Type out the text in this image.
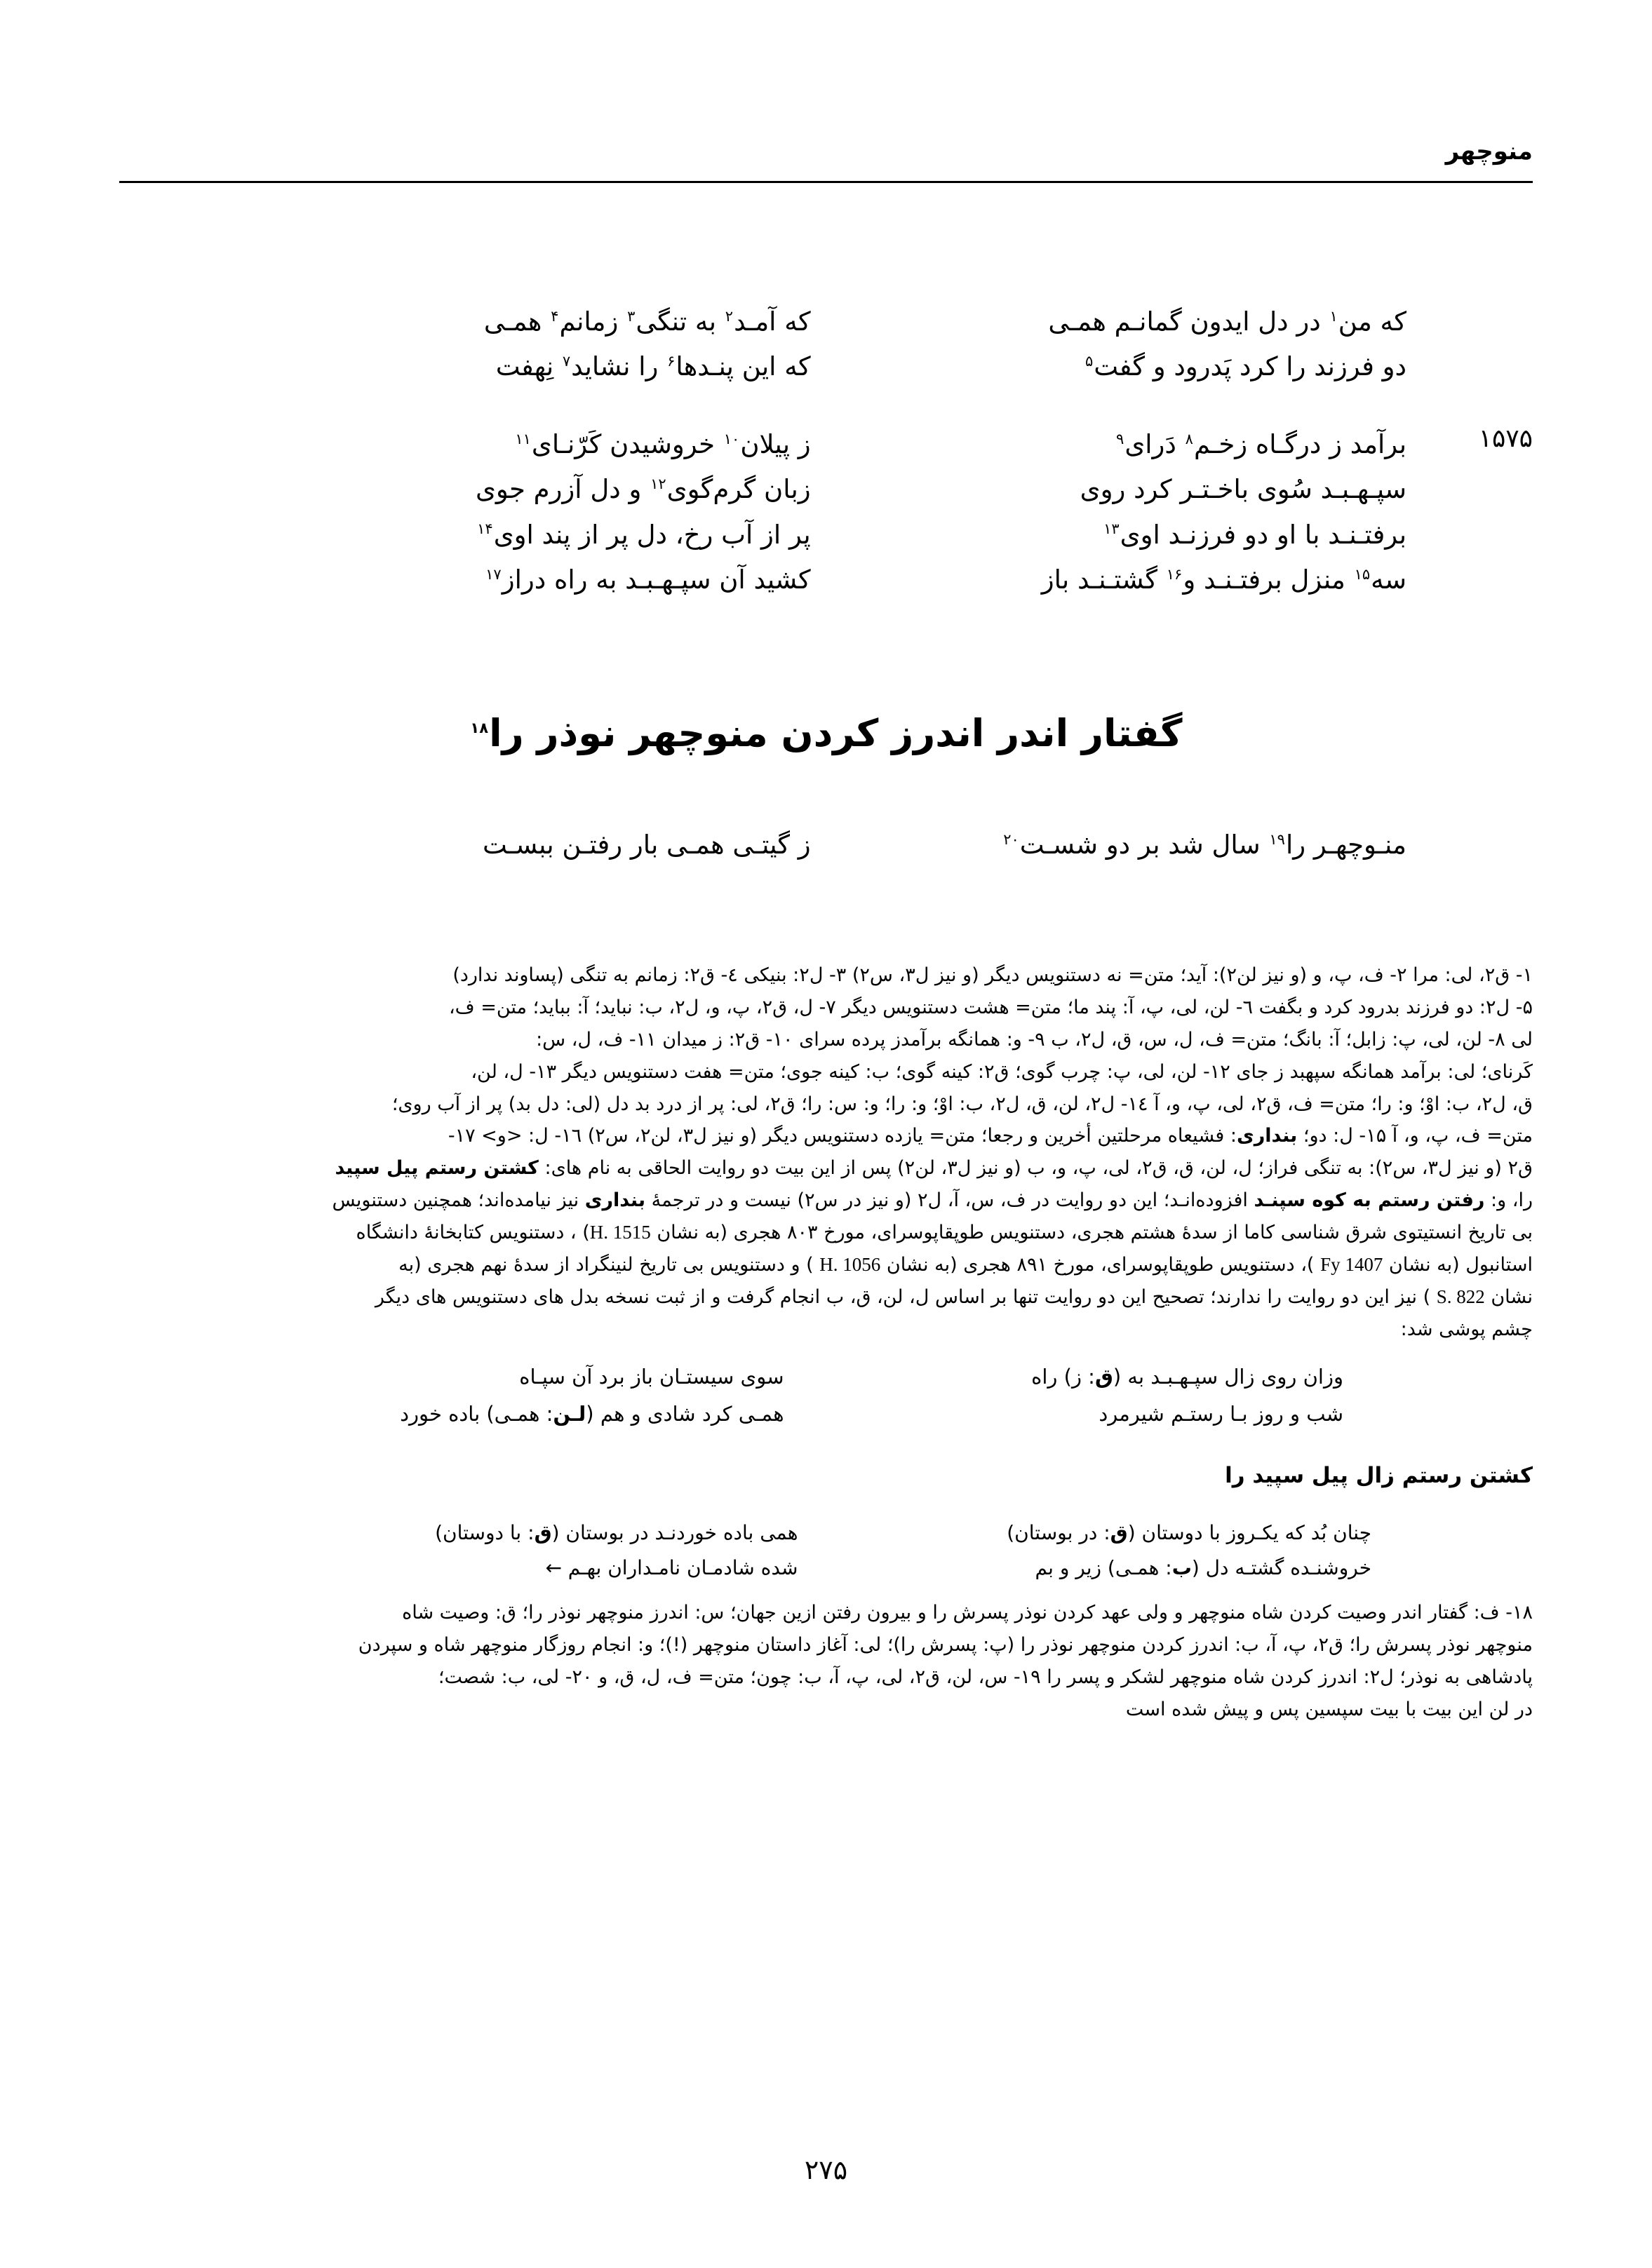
منوچهر
که من$^۱$ در دل ایدون گمانـم همـی
که آمـد$^۲$ به تنگی$^۳$ زمانم$^۴$ همـی
دو فرزند را کرد پَدرود و گفت$^۵$
که این پنـدها$^۶$ را نشاید$^۷$ نِهفت
۱۵۷۵
برآمد ز درگـاه زخـم$^۸$ دَرای$^۹$
ز پیلان$^{۱۰}$ خروشیدن کَرّنـای$^{۱۱}$
سپـهـبـد سُوی باخـتـر کرد روی
زبان گرم‌گوی$^{۱۲}$ و دل آزرم جوی
برفتـنـد با او دو فرزنـد اوی$^{۱۳}$
پر از آب رخ، دل پر از پند اوی$^{۱۴}$
سه$^{۱۵}$ منزل برفتـنـد و$^{۱۶}$ گشتـنـد باز
کشید آن سپـهـبـد به راه دراز$^{۱۷}$
گفتار اندر اندرز کردن منوچهر نوذر را$^{۱۸}$
منـوچهـر را$^{۱۹}$ سال شد بر دو شسـت$^{۲۰}$
ز گیتـی همـی بار رفتـن ببسـت

۱- ق۲، لی: مرا ۲- ف، پ، و (و نیز لن۲): آید؛ متن= نه دستنویس دیگر (و نیز ل۳، س۲) ۳- ل۲: بنیکی ٤- ق۲: زمانم به تنگی (پساوند ندارد)

۵- ل۲: دو فرزند بدرود کرد و بگفت ٦- لن، لی، پ، آ: پند ما؛ متن= هشت دستنویس دیگر ۷- ل، ق۲، پ، و، ل۲، ب: نباید؛ آ: بباید؛ متن= ف،

لی ۸- لن، لی، پ: زابل؛ آ: بانگ؛ متن= ف، ل، س، ق، ل۲، ب ۹- و: همانگه برآمدز پرده سرای ۱۰- ق۲: ز میدان ۱۱- ف، ل، س:

کَرنای؛ لی: برآمد همانگه سپهبد ز جای ۱۲- لن، لی، پ: چرب گوی؛ ق۲: کینه گوی؛ ب: کینه جوی؛ متن= هفت دستنویس دیگر ۱۳- ل، لن،

ق، ل۲، ب: اوْ؛ و: را؛ متن= ف، ق۲، لی، پ، و، آ ۱٤- ل۲، لن، ق، ل۲، ب: اوْ؛ و: را؛ و: س: را؛ ق۲، لی: پر از درد بد دل (لی: دل بد) پر از آب روی؛

متن= ف، پ، و، آ ۱۵- ل: دو؛ بنداری: فشیعاه مرحلتین أخرین و رجعا؛ متن= یازده دستنویس دیگر (و نیز ل۳، لن۲، س۲) ۱٦- ل: <و> ۱۷-

ق۲ (و نیز ل۳، س۲): به تنگی فراز؛ ل، لن، ق، ق۲، لی، پ، و، ب (و نیز ل۳، لن۲) پس از این بیت دو روایت الحاقی به نام های: کشتن رستم پیل سپید

را، و: رفتن رستم به کوه سپنـد افزوده‌انـد؛ این دو روایت در ف، س، آ، ل۲ (و نیز در س۲) نیست و در ترجمهٔ بنداری نیز نیامده‌اند؛ همچنین دستنویس

بی تاریخ انستیتوی شرق شناسی کاما از سدهٔ هشتم هجری، دستنویس طوپقاپوسرای، مورخ ۸۰۳ هجری (به نشان H. 1515) ، دستنویس کتابخانهٔ دانشگاه

استانبول (به نشان Fy 1407 )، دستنویس طوپقاپوسرای، مورخ ۸۹۱ هجری (به نشان H. 1056 ) و دستنویس بی تاریخ لنینگراد از سدهٔ نهم هجری (به

نشان S. 822 ) نیز این دو روایت را ندارند؛ تصحیح این دو روایت تنها بر اساس ل، لن، ق، ب انجام گرفت و از ثبت نسخه بدل های دستنویس های دیگر

چشم پوشی شد:

وزان روی زال سپـهـبـد به (ق: ز) راه
سوی سیستـان باز برد آن سپـاه
شب و روز بـا رستـم شیرمرد
همـی کرد شادی و هم (لـن: همـی) باده خورد
کشتن رستم زال پیل سپید را
چنان بُد که یکـروز با دوستان (ق: در بوستان)
همی باده خوردنـد در بوستان (ق: با دوستان)
خروشنـده گشتـه دل (ب: همـی) زیر و بم
شده شادمـان نامـداران بهـم ←

۱۸- ف: گفتار اندر وصیت کردن شاه منوچهر و ولی عهد کردن نوذر پسرش را و بیرون رفتن ازین جهان؛ س: اندرز منوچهر نوذر را؛ ق: وصیت شاه

منوچهر نوذر پسرش را؛ ق۲، پ، آ، ب: اندرز کردن منوچهر نوذر را (پ: پسرش را)؛ لی: آغاز داستان منوچهر (!)؛ و: انجام روزگار منوچهر شاه و سپردن

پادشاهی به نوذر؛ ل۲: اندرز کردن شاه منوچهر لشکر و پسر را ۱۹- س، لن، ق۲، لی، پ، آ، ب: چون؛ متن= ف، ل، ق، و ۲۰- لی، ب: شصت؛

در لن این بیت با بیت سپسین پس و پیش شده است

۲۷۵
